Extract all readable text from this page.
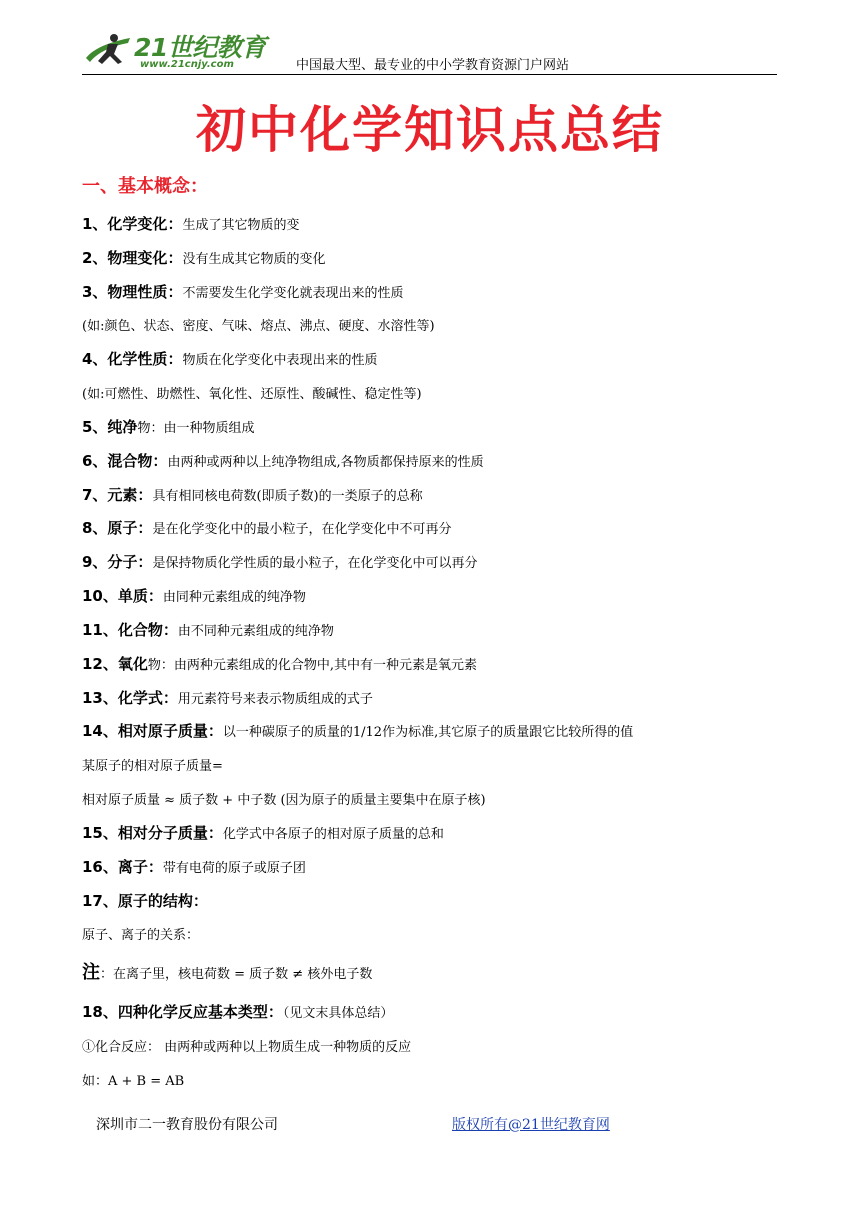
21世纪教育
www.21cnjy.com	中国最大型、最专业的中小学教育资源门户网站
初中化学知识点总结
一、基本概念：
1、化学变化：生成了其它物质的变
2、物理变化：没有生成其它物质的变化
3、物理性质：不需要发生化学变化就表现出来的性质
(如:颜色、状态、密度、气味、熔点、沸点、硬度、水溶性等)
4、化学性质：物质在化学变化中表现出来的性质
(如:可燃性、助燃性、氧化性、还原性、酸碱性、稳定性等)
5、纯净物：由一种物质组成
6、混合物：由两种或两种以上纯净物组成,各物质都保持原来的性质
7、元素：具有相同核电荷数(即质子数)的一类原子的总称
8、原子：是在化学变化中的最小粒子，在化学变化中不可再分
9、分子：是保持物质化学性质的最小粒子，在化学变化中可以再分
10、单质：由同种元素组成的纯净物
11、化合物：由不同种元素组成的纯净物
12、氧化物：由两种元素组成的化合物中,其中有一种元素是氧元素
13、化学式：用元素符号来表示物质组成的式子
14、相对原子质量：以一种碳原子的质量的1/12作为标准,其它原子的质量跟它比较所得的值
某原子的相对原子质量=
相对原子质量 ≈ 质子数 + 中子数 (因为原子的质量主要集中在原子核)
15、相对分子质量：化学式中各原子的相对原子质量的总和
16、离子：带有电荷的原子或原子团
17、原子的结构：
原子、离子的关系：
注：在离子里，核电荷数 = 质子数 ≠ 核外电子数
18、四种化学反应基本类型：（见文末具体总结）
①化合反应： 由两种或两种以上物质生成一种物质的反应
如：A + B = AB
深圳市二一教育股份有限公司	版权所有@21世纪教育网
